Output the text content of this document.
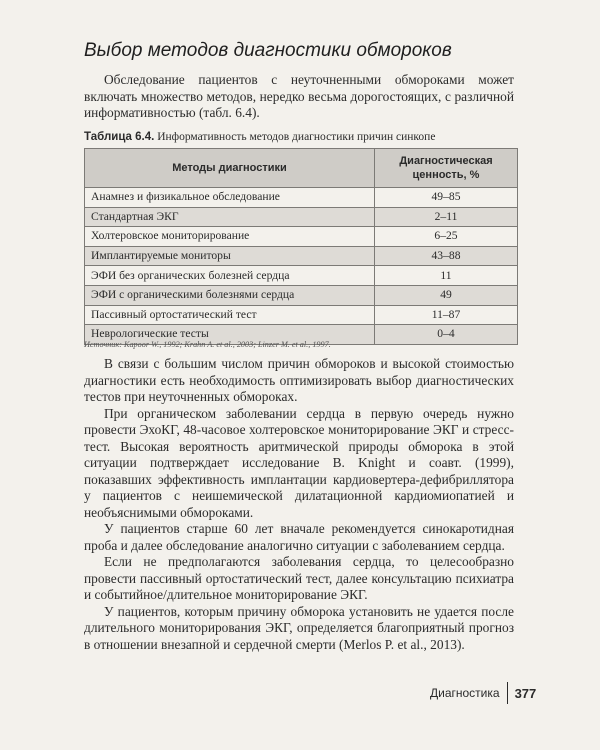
Выбор методов диагностики обмороков
Обследование пациентов с неуточненными обмороками может включать множество методов, нередко весьма дорогостоящих, с различной информативностью (табл. 6.4).
Таблица 6.4. Информативность методов диагностики причин синкопе
Методы диагностики	Диагностическая ценность, %
Анамнез и физикальное обследование	49–85
Стандартная ЭКГ	2–11
Холтеровское мониторирование	6–25
Имплантируемые мониторы	43–88
ЭФИ без органических болезней сердца	11
ЭФИ с органическими болезнями сердца	49
Пассивный ортостатический тест	11–87
Неврологические тесты	0–4
Источник: Kapoor W., 1992; Krahn A. et al., 2003; Linzer M. et al., 1997.

В связи с большим числом причин обмороков и высокой стоимостью диагностики есть необходимость оптимизировать выбор диагностических тестов при неуточненных обмороках.

При органическом заболевании сердца в первую очередь нужно провести ЭхоКГ, 48-часовое холтеровское мониторирование ЭКГ и стресс-тест. Высокая вероятность аритмической природы обморока в этой ситуации подтверждает исследование B. Knight и соавт. (1999), показавших эффективность имплантации кардиовертера-дефибриллятора у пациентов с неишемической дилатационной кардиомиопатией и необъяснимыми обмороками.

У пациентов старше 60 лет вначале рекомендуется синокаротидная проба и далее обследование аналогично ситуации с заболеванием сердца.

Если не предполагаются заболевания сердца, то целесообразно провести пассивный ортостатический тест, далее консультацию психиатра и событийное/длительное мониторирование ЭКГ.

У пациентов, которым причину обморока установить не удается после длительного мониторирования ЭКГ, определяется благоприятный прогноз в отношении внезапной и сердечной смерти (Merlos P. et al., 2013).

Диагностика 377
